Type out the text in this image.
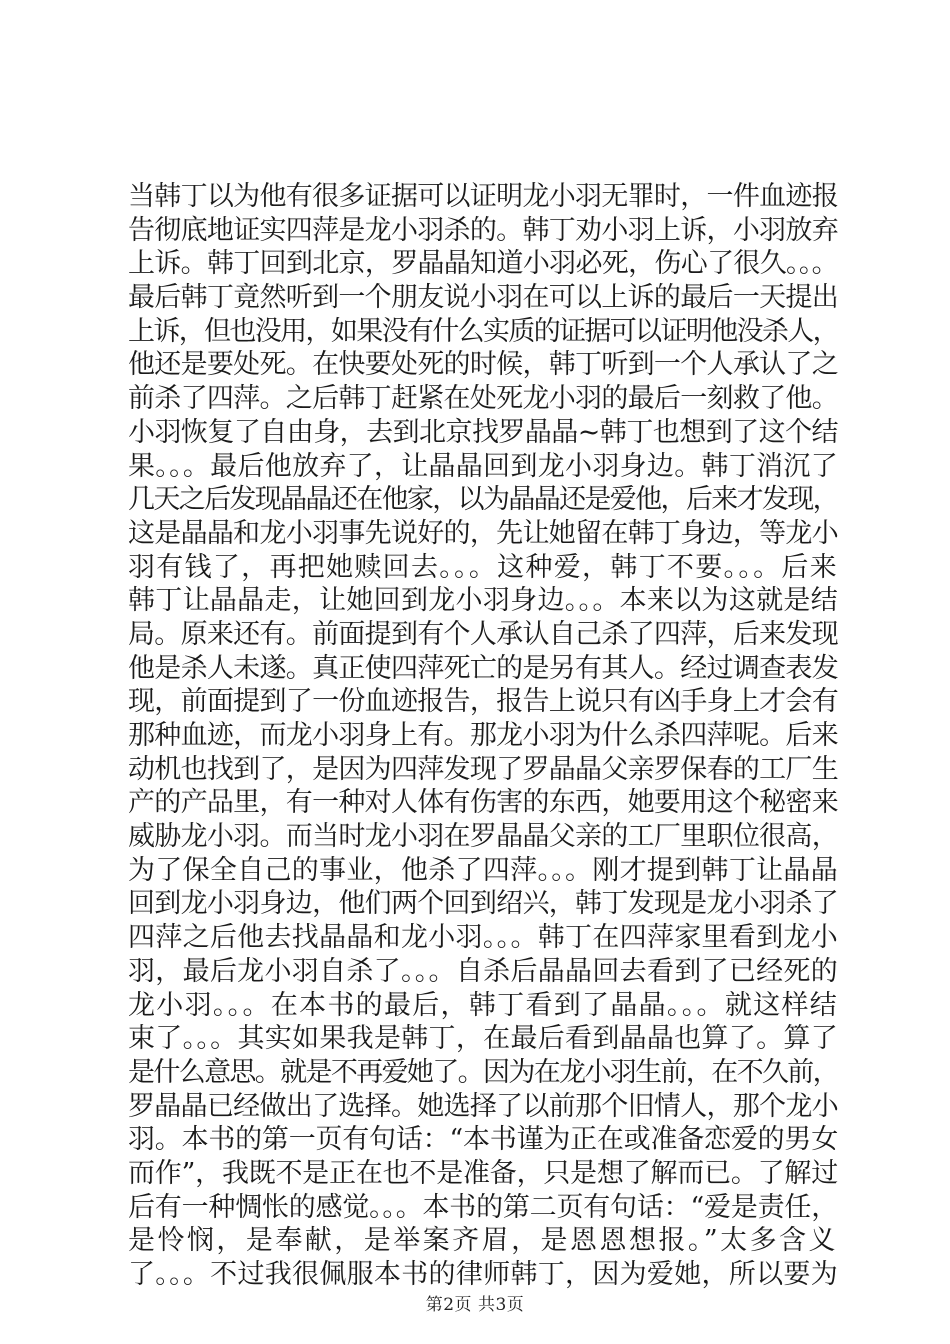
当韩丁以为他有很多证据可以证明龙小羽无罪时，一件血迹报
告彻底地证实四萍是龙小羽杀的。韩丁劝小羽上诉，小羽放弃
上诉。韩丁回到北京，罗晶晶知道小羽必死，伤心了很久。。。
最后韩丁竟然听到一个朋友说小羽在可以上诉的最后一天提出
上诉，但也没用，如果没有什么实质的证据可以证明他没杀人，
他还是要处死。在快要处死的时候，韩丁听到一个人承认了之
前杀了四萍。之后韩丁赶紧在处死龙小羽的最后一刻救了他。
小羽恢复了自由身，去到北京找罗晶晶~韩丁也想到了这个结
果。。。最后他放弃了，让晶晶回到龙小羽身边。韩丁消沉了
几天之后发现晶晶还在他家，以为晶晶还是爱他，后来才发现，
这是晶晶和龙小羽事先说好的，先让她留在韩丁身边，等龙小
羽有钱了，再把她赎回去。。。这种爱，韩丁不要。。。后来
韩丁让晶晶走，让她回到龙小羽身边。。。本来以为这就是结
局。原来还有。前面提到有个人承认自己杀了四萍，后来发现
他是杀人未遂。真正使四萍死亡的是另有其人。经过调查表发
现，前面提到了一份血迹报告，报告上说只有凶手身上才会有
那种血迹，而龙小羽身上有。那龙小羽为什么杀四萍呢。后来
动机也找到了，是因为四萍发现了罗晶晶父亲罗保春的工厂生
产的产品里，有一种对人体有伤害的东西，她要用这个秘密来
威胁龙小羽。而当时龙小羽在罗晶晶父亲的工厂里职位很高，
为了保全自己的事业，他杀了四萍。。。刚才提到韩丁让晶晶
回到龙小羽身边，他们两个回到绍兴，韩丁发现是龙小羽杀了
四萍之后他去找晶晶和龙小羽。。。韩丁在四萍家里看到龙小
羽，最后龙小羽自杀了。。。自杀后晶晶回去看到了已经死的
龙小羽。。。在本书的最后，韩丁看到了晶晶。。。就这样结
束了。。。其实如果我是韩丁，在最后看到晶晶也算了。算了
是什么意思。就是不再爱她了。因为在龙小羽生前，在不久前，
罗晶晶已经做出了选择。她选择了以前那个旧情人，那个龙小
羽。本书的第一页有句话：“本书谨为正在或准备恋爱的男女
而作”，我既不是正在也不是准备，只是想了解而已。了解过
后有一种惆怅的感觉。。。本书的第二页有句话：“爱是责任，
是怜悯，是奉献，是举案齐眉，是恩恩想报。”太多含义
了。。。不过我很佩服本书的律师韩丁，因为爱她，所以要为
第2页 共3页
